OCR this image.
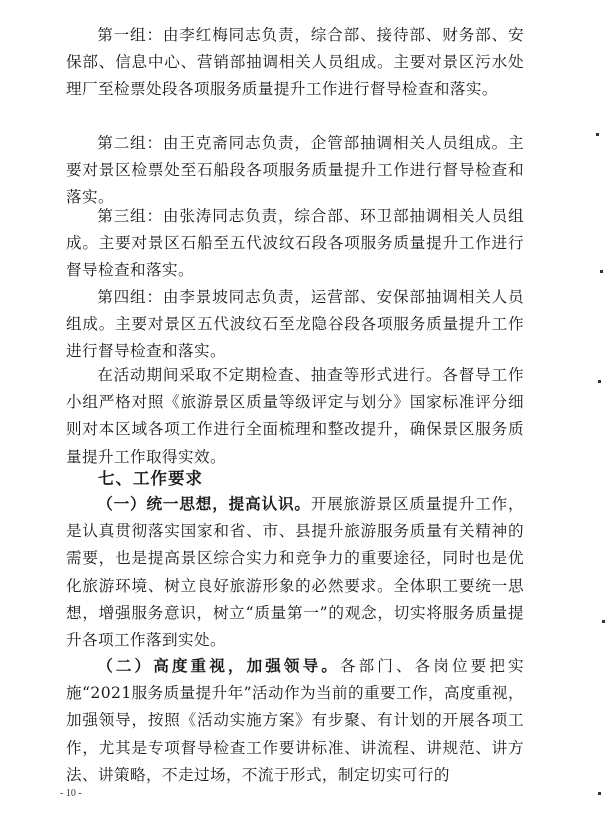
第一组：由李红梅同志负责，综合部、接待部、财务部、安保部、信息中心、营销部抽调相关人员组成。主要对景区污水处理厂至检票处段各项服务质量提升工作进行督导检查和落实。

第二组：由王克斋同志负责，企管部抽调相关人员组成。主要对景区检票处至石船段各项服务质量提升工作进行督导检查和落实。

第三组：由张涛同志负责，综合部、环卫部抽调相关人员组成。主要对景区石船至五代波纹石段各项服务质量提升工作进行督导检查和落实。

第四组：由李景坡同志负责，运营部、安保部抽调相关人员组成。主要对景区五代波纹石至龙隐谷段各项服务质量提升工作进行督导检查和落实。

在活动期间采取不定期检查、抽查等形式进行。各督导工作小组严格对照《旅游景区质量等级评定与划分》国家标准评分细则对本区域各项工作进行全面梳理和整改提升，确保景区服务质量提升工作取得实效。

七、工作要求

（一）统一思想，提高认识。开展旅游景区质量提升工作，是认真贯彻落实国家和省、市、县提升旅游服务质量有关精神的需要，也是提高景区综合实力和竞争力的重要途径，同时也是优化旅游环境、树立良好旅游形象的必然要求。全体职工要统一思想，增强服务意识，树立“质量第一”的观念，切实将服务质量提升各项工作落到实处。

（二）高度重视，加强领导。各部门、各岗位要把实施“2021服务质量提升年”活动作为当前的重要工作，高度重视，加强领导，按照《活动实施方案》有步聚、有计划的开展各项工作，尤其是专项督导检查工作要讲标准、讲流程、讲规范、讲方法、讲策略，不走过场，不流于形式，制定切实可行的

- 10 -
